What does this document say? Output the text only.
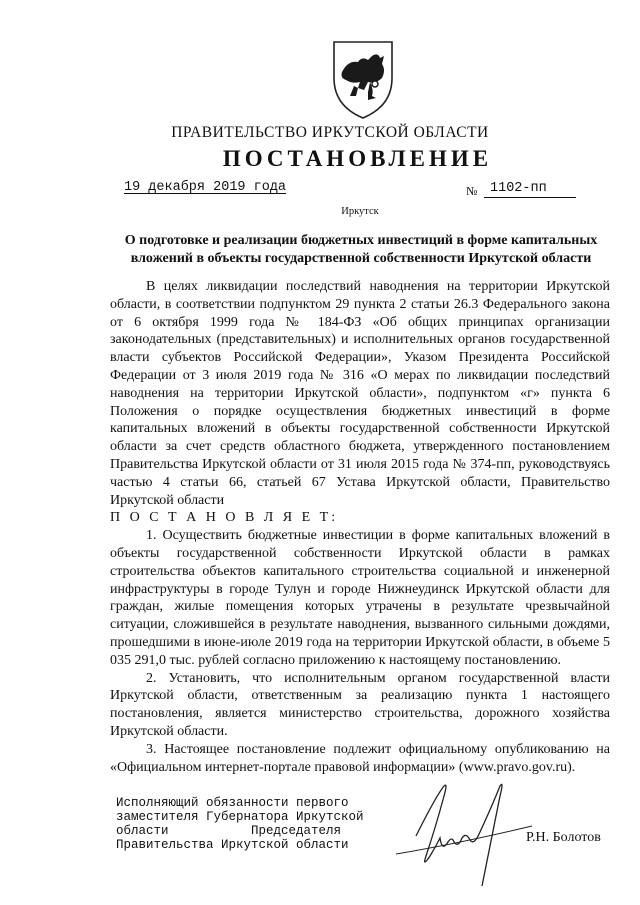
ПРАВИТЕЛЬСТВО ИРКУТСКОЙ ОБЛАСТИ
ПОСТАНОВЛЕНИЕ
19 декабря 2019 года	№ 1102-пп
Иркутск
О подготовке и реализации бюджетных инвестиций в форме капитальных вложений в объекты государственной собственности Иркутской области

В целях ликвидации последствий наводнения на территории Иркутской области, в соответствии подпунктом 29 пункта 2 статьи 26.3 Федерального закона от 6 октября 1999 года № 184-ФЗ «Об общих принципах организации законодательных (представительных) и исполнительных органов государственной власти субъектов Российской Федерации», Указом Президента Российской Федерации от 3 июля 2019 года № 316 «О мерах по ликвидации последствий наводнения на территории Иркутской области», подпунктом «г» пункта 6 Положения о порядке осуществления бюджетных инвестиций в форме капитальных вложений в объекты государственной собственности Иркутской области за счет средств областного бюджета, утвержденного постановлением Правительства Иркутской области от 31 июля 2015 года № 374-пп, руководствуясь частью 4 статьи 66, статьей 67 Устава Иркутской области, Правительство Иркутской области

П О С Т А Н О В Л Я Е Т:

1. Осуществить бюджетные инвестиции в форме капитальных вложений в объекты государственной собственности Иркутской области в рамках строительства объектов капитального строительства социальной и инженерной инфраструктуры в городе Тулун и городе Нижнеудинск Иркутской области для граждан, жилые помещения которых утрачены в результате чрезвычайной ситуации, сложившейся в результате наводнения, вызванного сильными дождями, прошедшими в июне-июле 2019 года на территории Иркутской области, в объеме 5 035 291,0 тыс. рублей согласно приложению к настоящему постановлению.

2. Установить, что исполнительным органом государственной власти Иркутской области, ответственным за реализацию пункта 1 настоящего постановления, является министерство строительства, дорожного хозяйства Иркутской области.

3. Настоящее постановление подлежит официальному опубликованию на «Официальном интернет-портале правовой информации» (www.pravo.gov.ru).

Исполняющий обязанности первого
заместителя Губернатора Иркутской
области           Председателя
Правительства Иркутской области	Р.Н. Болотов
